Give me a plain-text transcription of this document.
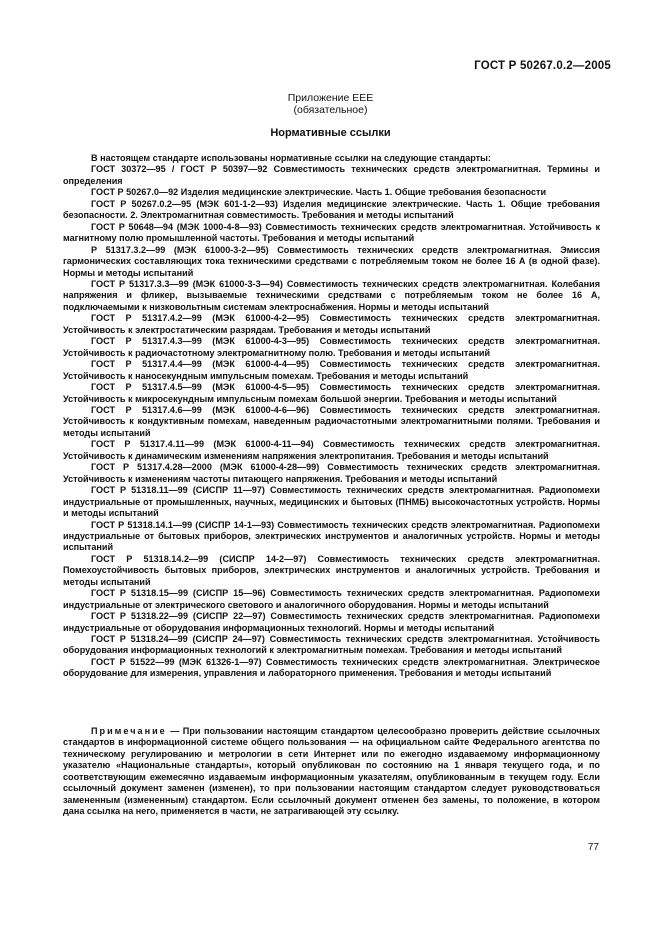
ГОСТ Р 50267.0.2—2005
Приложение ЕЕЕ
(обязательное)
Нормативные ссылки

В настоящем стандарте использованы нормативные ссылки на следующие стандарты:

ГОСТ 30372—95 / ГОСТ Р 50397—92 Совместимость технических средств электромагнитная. Термины и определения

ГОСТ Р 50267.0—92 Изделия медицинские электрические. Часть 1. Общие требования безопасности

ГОСТ Р 50267.0.2—95 (МЭК 601-1-2—93) Изделия медицинские электрические. Часть 1. Общие требования безопасности. 2. Электромагнитная совместимость. Требования и методы испытаний

ГОСТ Р 50648—94 (МЭК 1000-4-8—93) Совместимость технических средств электромагнитная. Устойчивость к магнитному полю промышленной частоты. Требования и методы испытаний

Р 51317.3.2—99 (МЭК 61000-3-2—95) Совместимость технических средств электромагнитная. Эмиссия гармонических составляющих тока техническими средствами с потребляемым током не более 16 А (в одной фазе). Нормы и методы испытаний

ГОСТ Р 51317.3.3—99 (МЭК 61000-3-3—94) Совместимость технических средств электромагнитная. Колебания напряжения и фликер, вызываемые техническими средствами с потребляемым током не более 16 А, подключаемыми к низковольтным системам электроснабжения. Нормы и методы испытаний

ГОСТ Р 51317.4.2—99 (МЭК 61000-4-2—95) Совместимость технических средств электромагнитная. Устойчивость к электростатическим разрядам. Требования и методы испытаний

ГОСТ Р 51317.4.3—99 (МЭК 61000-4-3—95) Совместимость технических средств электромагнитная. Устойчивость к радиочастотному электромагнитному полю. Требования и методы испытаний

ГОСТ Р 51317.4.4—99 (МЭК 61000-4-4—95) Совместимость технических средств электромагнитная. Устойчивость к наносекундным импульсным помехам. Требования и методы испытаний

ГОСТ Р 51317.4.5—99 (МЭК 61000-4-5—95) Совместимость технических средств электромагнитная. Устойчивость к микросекундным импульсным помехам большой энергии. Требования и методы испытаний

ГОСТ Р 51317.4.6—99 (МЭК 61000-4-6—96) Совместимость технических средств электромагнитная. Устойчивость к кондуктивным помехам, наведенным радиочастотными электромагнитными полями. Требования и методы испытаний

ГОСТ Р 51317.4.11—99 (МЭК 61000-4-11—94) Совместимость технических средств электромагнитная. Устойчивость к динамическим изменениям напряжения электропитания. Требования и методы испытаний

ГОСТ Р 51317.4.28—2000 (МЭК 61000-4-28—99) Совместимость технических средств электромагнитная. Устойчивость к изменениям частоты питающего напряжения. Требования и методы испытаний

ГОСТ Р 51318.11—99 (СИСПР 11—97) Совместимость технических средств электромагнитная. Радиопомехи индустриальные от промышленных, научных, медицинских и бытовых (ПНМБ) высокочастотных устройств. Нормы и методы испытаний

ГОСТ Р 51318.14.1—99 (СИСПР 14-1—93) Совместимость технических средств электромагнитная. Радиопомехи индустриальные от бытовых приборов, электрических инструментов и аналогичных устройств. Нормы и методы испытаний

ГОСТ Р 51318.14.2—99 (СИСПР 14-2—97) Совместимость технических средств электромагнитная. Помехоустойчивость бытовых приборов, электрических инструментов и аналогичных устройств. Требования и методы испытаний

ГОСТ Р 51318.15—99 (СИСПР 15—96) Совместимость технических средств электромагнитная. Радиопомехи индустриальные от электрического светового и аналогичного оборудования. Нормы и методы испытаний

ГОСТ Р 51318.22—99 (СИСПР 22—97) Совместимость технических средств электромагнитная. Радиопомехи индустриальные от оборудования информационных технологий. Нормы и методы испытаний

ГОСТ Р 51318.24—99 (СИСПР 24—97) Совместимость технических средств электромагнитная. Устойчивость оборудования информационных технологий к электромагнитным помехам. Требования и методы испытаний

ГОСТ Р 51522—99 (МЭК 61326-1—97) Совместимость технических средств электромагнитная. Электрическое оборудование для измерения, управления и лабораторного применения. Требования и методы испытаний

Примечание — При пользовании настоящим стандартом целесообразно проверить действие ссылочных стандартов в информационной системе общего пользования — на официальном сайте Федерального агентства по техническому регулированию и метрологии в сети Интернет или по ежегодно издаваемому информационному указателю «Национальные стандарты», который опубликован по состоянию на 1 января текущего года, и по соответствующим ежемесячно издаваемым информационным указателям, опубликованным в текущем году. Если ссылочный документ заменен (изменен), то при пользовании настоящим стандартом следует руководствоваться замененным (измененным) стандартом. Если ссылочный документ отменен без замены, то положение, в котором дана ссылка на него, применяется в части, не затрагивающей эту ссылку.

77
